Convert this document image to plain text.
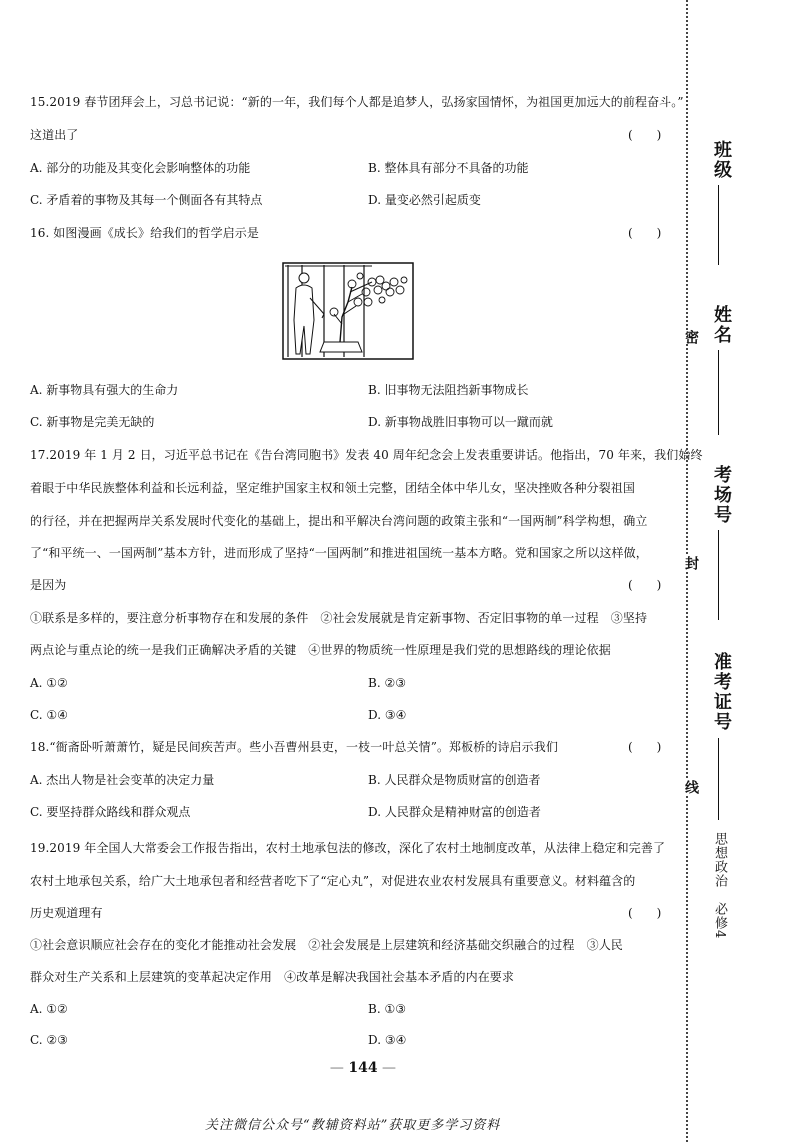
15.2019 春节团拜会上，习总书记说：“新的一年，我们每个人都是追梦人，弘扬家国情怀，为祖国更加远大的前程奋斗。”
这道出了	(　　)
A. 部分的功能及其变化会影响整体的功能	B. 整体具有部分不具备的功能
C. 矛盾着的事物及其每一个侧面各有其特点	D. 量变必然引起质变
16. 如图漫画《成长》给我们的哲学启示是	(　　)
A. 新事物具有强大的生命力	B. 旧事物无法阻挡新事物成长
C. 新事物是完美无缺的	D. 新事物战胜旧事物可以一蹴而就
17.2019 年 1 月 2 日，习近平总书记在《告台湾同胞书》发表 40 周年纪念会上发表重要讲话。他指出，70 年来，我们始终
着眼于中华民族整体利益和长远利益，坚定维护国家主权和领土完整，团结全体中华儿女，坚决挫败各种分裂祖国
的行径，并在把握两岸关系发展时代变化的基础上，提出和平解决台湾问题的政策主张和“一国两制”科学构想，确立
了“和平统一、一国两制”基本方针，进而形成了坚持“一国两制”和推进祖国统一基本方略。党和国家之所以这样做，
是因为	(　　)
①联系是多样的，要注意分析事物存在和发展的条件　②社会发展就是肯定新事物、否定旧事物的单一过程　③坚持
两点论与重点论的统一是我们正确解决矛盾的关键　④世界的物质统一性原理是我们党的思想路线的理论依据
A. ①②	B. ②③
C. ①④	D. ③④
18.“衙斋卧听萧萧竹，疑是民间疾苦声。些小吾曹州县吏，一枝一叶总关情”。郑板桥的诗启示我们	(　　)
A. 杰出人物是社会变革的决定力量	B. 人民群众是物质财富的创造者
C. 要坚持群众路线和群众观点	D. 人民群众是精神财富的创造者
19.2019 年全国人大常委会工作报告指出，农村土地承包法的修改，深化了农村土地制度改革，从法律上稳定和完善了
农村土地承包关系，给广大土地承包者和经营者吃下了“定心丸”，对促进农业农村发展具有重要意义。材料蕴含的
历史观道理有	(　　)
①社会意识顺应社会存在的变化才能推动社会发展　②社会发展是上层建筑和经济基础交织融合的过程　③人民
群众对生产关系和上层建筑的变革起决定作用　④改革是解决我国社会基本矛盾的内在要求
A. ①②	B. ①③
C. ②③	D. ③④
— 144 —
关注微信公众号“教辅资料站”获取更多学习资料
班级
姓名
考场号
准考证号
密
封
线
思想政治　必修4
